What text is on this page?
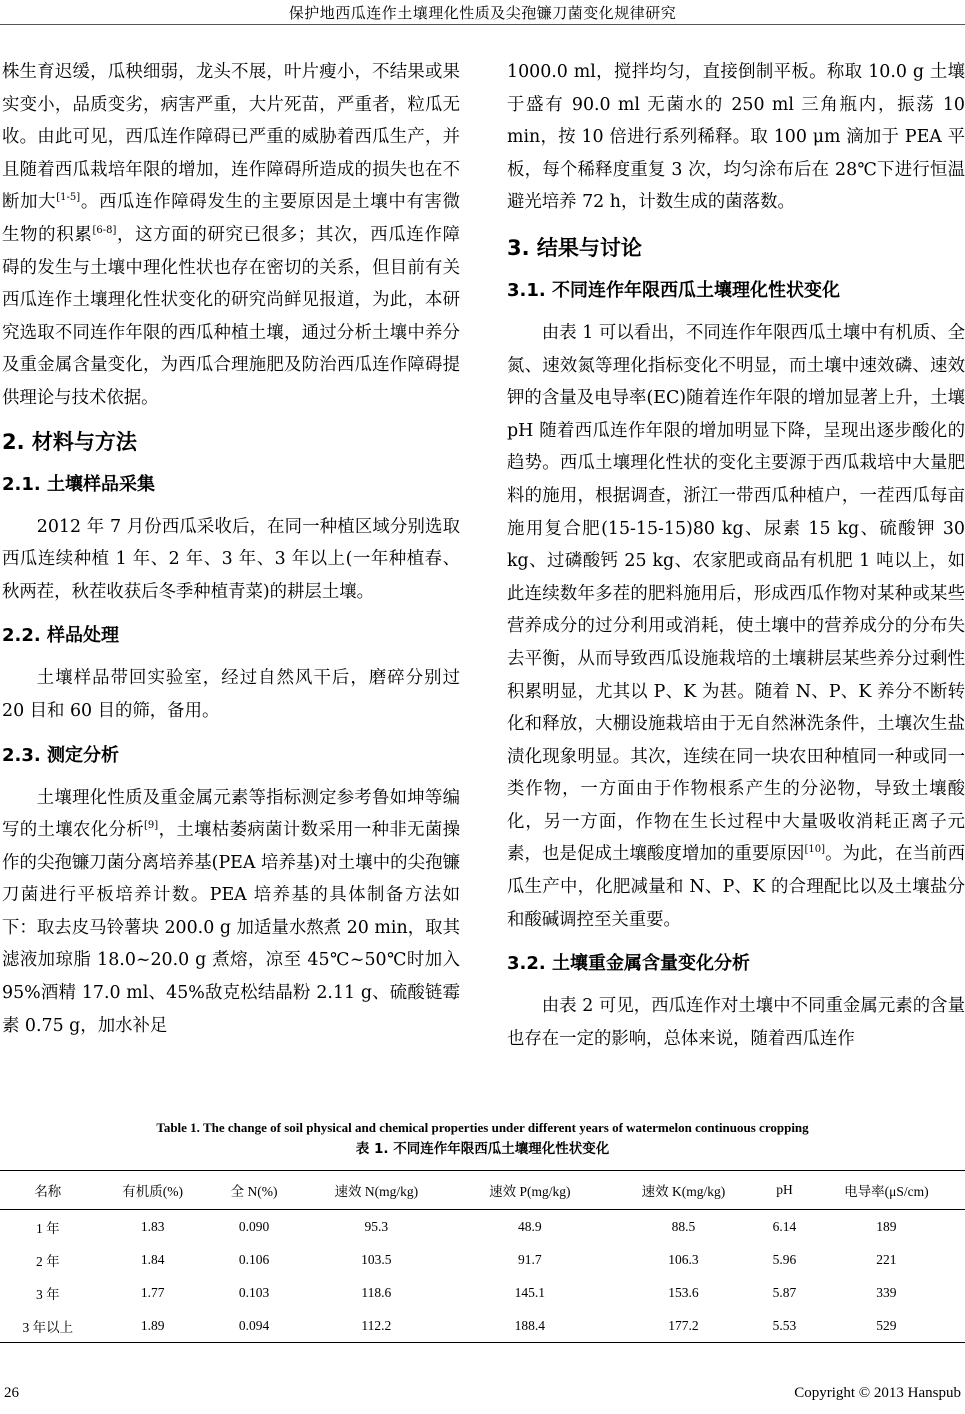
保护地西瓜连作土壤理化性质及尖孢镰刀菌变化规律研究

株生育迟缓，瓜秧细弱，龙头不展，叶片瘦小，不结果或果实变小，品质变劣，病害严重，大片死苗，严重者，粒瓜无收。由此可见，西瓜连作障碍已严重的威胁着西瓜生产，并且随着西瓜栽培年限的增加，连作障碍所造成的损失也在不断加大[1-5]。西瓜连作障碍发生的主要原因是土壤中有害微生物的积累[6-8]，这方面的研究已很多；其次，西瓜连作障碍的发生与土壤中理化性状也存在密切的关系，但目前有关西瓜连作土壤理化性状变化的研究尚鲜见报道，为此，本研究选取不同连作年限的西瓜种植土壤，通过分析土壤中养分及重金属含量变化，为西瓜合理施肥及防治西瓜连作障碍提供理论与技术依据。

2. 材料与方法
2.1. 土壤样品采集

2012 年 7 月份西瓜采收后，在同一种植区域分别选取西瓜连续种植 1 年、2 年、3 年、3 年以上(一年种植春、秋两茬，秋茬收获后冬季种植青菜)的耕层土壤。

2.2. 样品处理

土壤样品带回实验室，经过自然风干后，磨碎分别过 20 目和 60 目的筛，备用。

2.3. 测定分析

土壤理化性质及重金属元素等指标测定参考鲁如坤等编写的土壤农化分析[9]，土壤枯萎病菌计数采用一种非无菌操作的尖孢镰刀菌分离培养基(PEA 培养基)对土壤中的尖孢镰刀菌进行平板培养计数。PEA 培养基的具体制备方法如下：取去皮马铃薯块 200.0 g 加适量水熬煮 20 min，取其滤液加琼脂 18.0~20.0 g 煮熔，凉至 45℃~50℃时加入 95%酒精 17.0 ml、45%敌克松结晶粉 2.11 g、硫酸链霉素 0.75 g，加水补足

1000.0 ml，搅拌均匀，直接倒制平板。称取 10.0 g 土壤于盛有 90.0 ml 无菌水的 250 ml 三角瓶内，振荡 10 min，按 10 倍进行系列稀释。取 100 μm 滴加于 PEA 平板，每个稀释度重复 3 次，均匀涂布后在 28℃下进行恒温避光培养 72 h，计数生成的菌落数。

3. 结果与讨论
3.1. 不同连作年限西瓜土壤理化性状变化

由表 1 可以看出，不同连作年限西瓜土壤中有机质、全氮、速效氮等理化指标变化不明显，而土壤中速效磷、速效钾的含量及电导率(EC)随着连作年限的增加显著上升，土壤 pH 随着西瓜连作年限的增加明显下降，呈现出逐步酸化的趋势。西瓜土壤理化性状的变化主要源于西瓜栽培中大量肥料的施用，根据调查，浙江一带西瓜种植户，一茬西瓜每亩施用复合肥(15-15-15)80 kg、尿素 15 kg、硫酸钾 30 kg、过磷酸钙 25 kg、农家肥或商品有机肥 1 吨以上，如此连续数年多茬的肥料施用后，形成西瓜作物对某种或某些营养成分的过分利用或消耗，使土壤中的营养成分的分布失去平衡，从而导致西瓜设施栽培的土壤耕层某些养分过剩性积累明显，尤其以 P、K 为甚。随着 N、P、K 养分不断转化和释放，大棚设施栽培由于无自然淋洗条件，土壤次生盐渍化现象明显。其次，连续在同一块农田种植同一种或同一类作物，一方面由于作物根系产生的分泌物，导致土壤酸化，另一方面，作物在生长过程中大量吸收消耗正离子元素，也是促成土壤酸度增加的重要原因[10]。为此，在当前西瓜生产中，化肥减量和 N、P、K 的合理配比以及土壤盐分和酸碱调控至关重要。

3.2. 土壤重金属含量变化分析

由表 2 可见，西瓜连作对土壤中不同重金属元素的含量也存在一定的影响，总体来说，随着西瓜连作

Table 1. The change of soil physical and chemical properties under different years of watermelon continuous cropping
表 1. 不同连作年限西瓜土壤理化性状变化
名称	有机质(%)	全 N(%)	速效 N(mg/kg)	速效 P(mg/kg)	速效 K(mg/kg)	pH	电导率(μS/cm)
1 年	1.83	0.090	95.3	48.9	88.5	6.14	189
2 年	1.84	0.106	103.5	91.7	106.3	5.96	221
3 年	1.77	0.103	118.6	145.1	153.6	5.87	339
3 年以上	1.89	0.094	112.2	188.4	177.2	5.53	529
26	Copyright © 2013 Hanspub
